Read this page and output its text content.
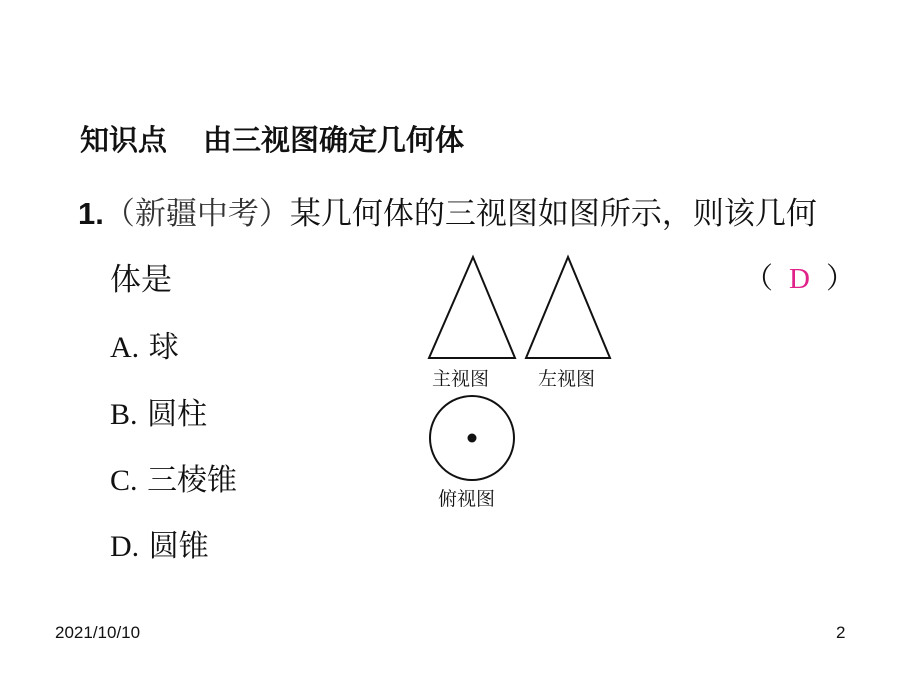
知识点 由三视图确定几何体
1.（新疆中考）某几何体的三视图如图所示，则该几何
体是	（ D ）
A. 球
B. 圆柱
C. 三棱锥
D. 圆锥
主视图	左视图
俯视图
2021/10/10	2
